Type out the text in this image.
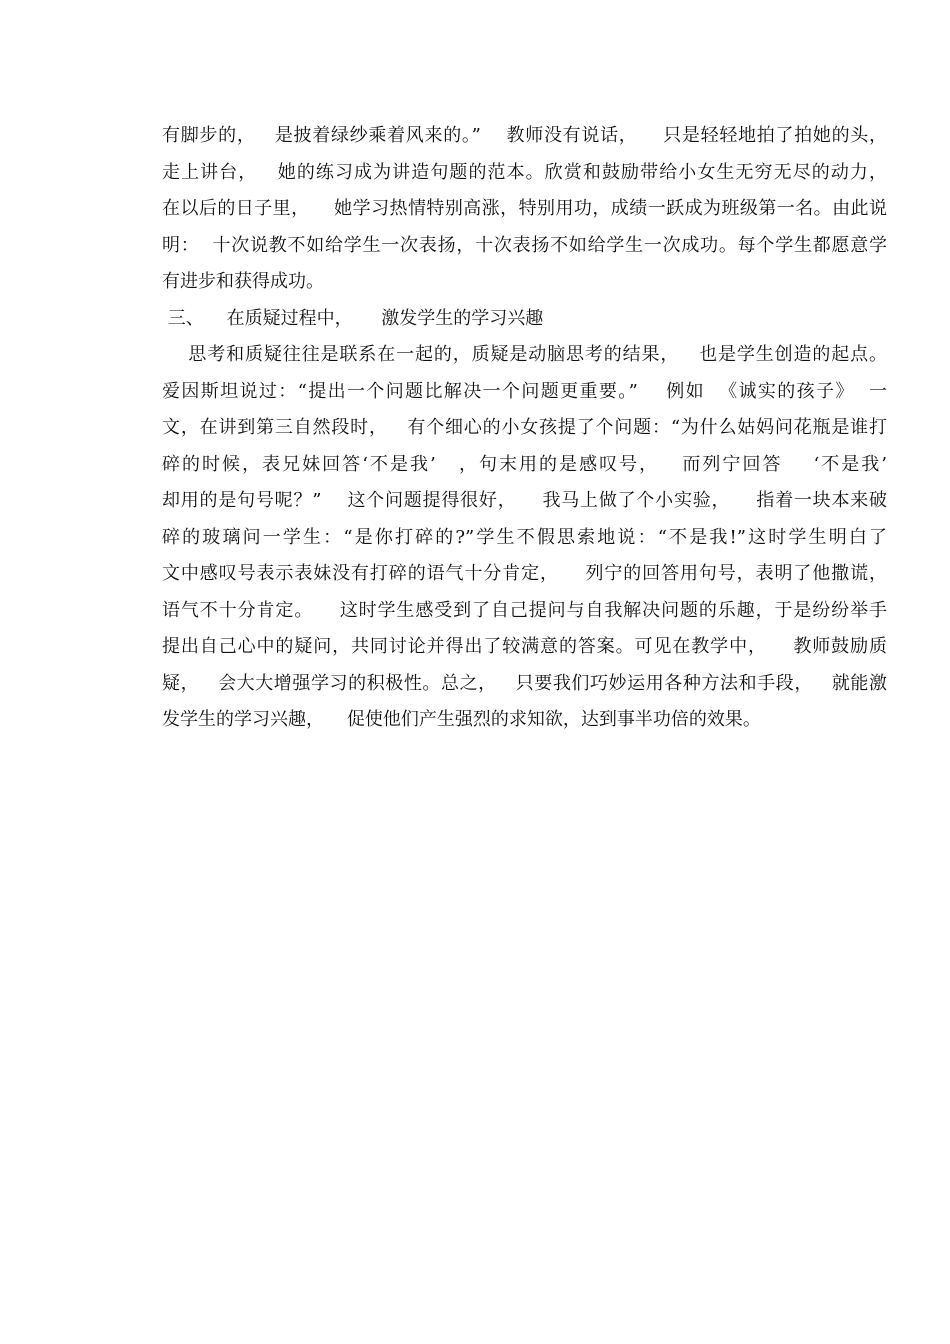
有脚步的，   是披着绿纱乘着风来的。”    教师没有说话，    只是轻轻地拍了拍她的头，
走上讲台，   她的练习成为讲造句题的范本。欣赏和鼓励带给小女生无穷无尽的动力，
在以后的日子里，    她学习热情特别高涨，特别用功，成绩一跃成为班级第一名。由此说
明：  十次说教不如给学生一次表扬，十次表扬不如给学生一次成功。每个学生都愿意学
有进步和获得成功。
三、    在质疑过程中，     激发学生的学习兴趣
思考和质疑往往是联系在一起的，质疑是动脑思考的结果，   也是学生创造的起点。
爱因斯坦说过：“提出一个问题比解决一个问题更重要。”    例如  《诚实的孩子》  一
文，在讲到第三自然段时，   有个细心的小女孩提了个问题：“为什么姑妈问花瓶是谁打
碎的时候，表兄妹回答‘不是我’   ，句末用的是感叹号，   而列宁回答    ‘不是我’
却用的是句号呢？”    这个问题提得很好，    我马上做了个小实验，    指着一块本来破
碎的玻璃问一学生：“是你打碎的?”学生不假思索地说：“不是我!”这时学生明白了
文中感叹号表示表妹没有打碎的语气十分肯定，    列宁的回答用句号，表明了他撒谎，
语气不十分肯定。    这时学生感受到了自己提问与自我解决问题的乐趣，于是纷纷举手
提出自己心中的疑问，共同讨论并得出了较满意的答案。可见在教学中，    教师鼓励质
疑，   会大大增强学习的积极性。总之，   只要我们巧妙运用各种方法和手段，   就能激
发学生的学习兴趣，    促使他们产生强烈的求知欲，达到事半功倍的效果。
